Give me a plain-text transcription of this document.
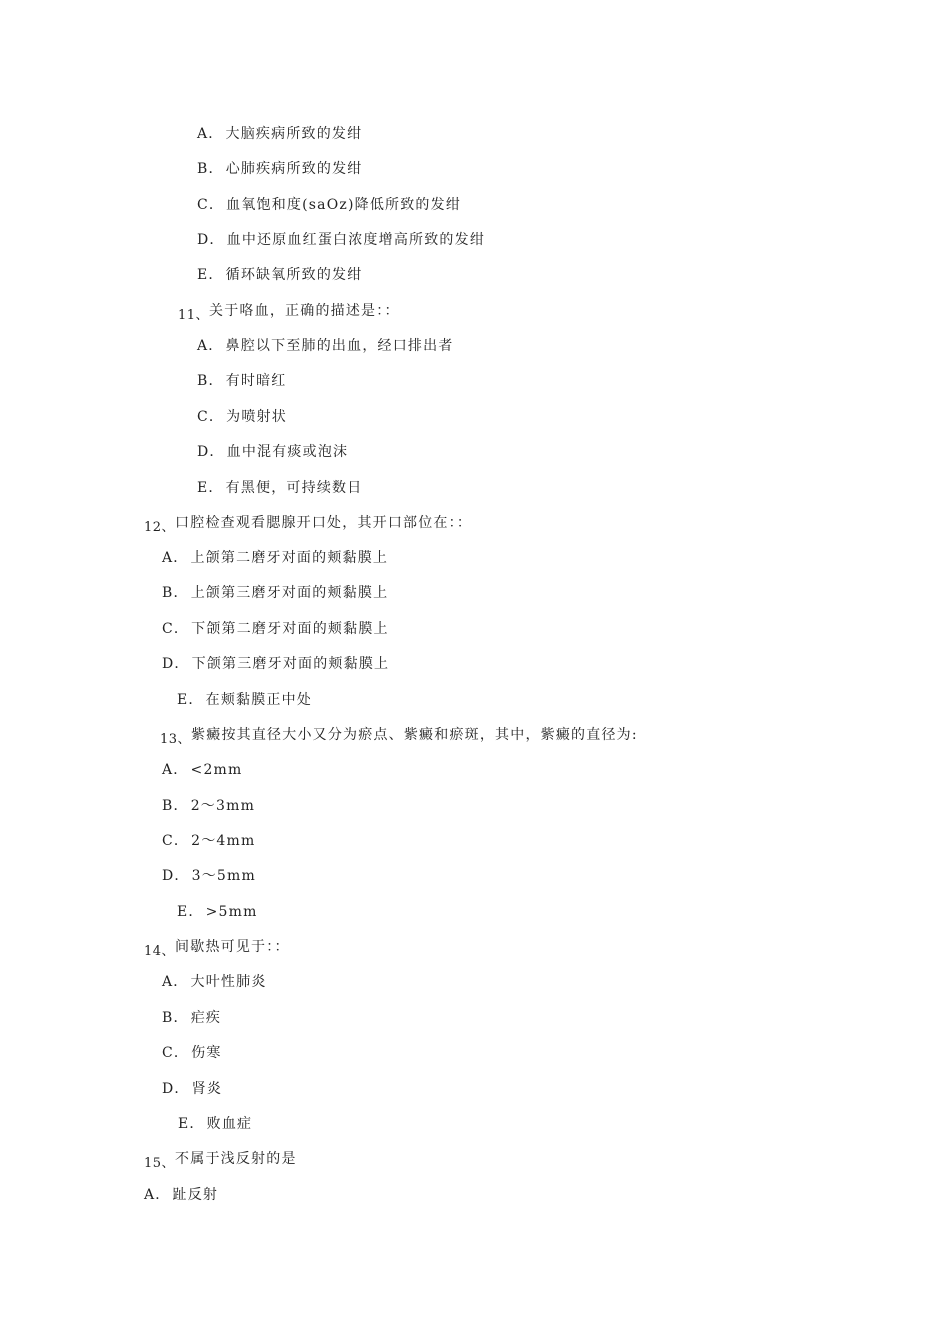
A． 大脑疾病所致的发绀
B． 心肺疾病所致的发绀
C． 血氧饱和度(saOz)降低所致的发绀
D． 血中还原血红蛋白浓度增高所致的发绀
E． 循环缺氧所致的发绀
11、关于咯血，正确的描述是：：
A． 鼻腔以下至肺的出血，经口排出者
B． 有时暗红
C． 为喷射状
D． 血中混有痰或泡沫
E． 有黑便，可持续数日
12、口腔检查观看腮腺开口处，其开口部位在：：
A． 上颌第二磨牙对面的颊黏膜上
B． 上颌第三磨牙对面的颊黏膜上
C． 下颌第二磨牙对面的颊黏膜上
D． 下颌第三磨牙对面的颊黏膜上
E． 在颊黏膜正中处
13、紫癜按其直径大小又分为瘀点、紫癜和瘀斑，其中，紫癜的直径为:
A． <2mm
B． 2～3mm
C． 2～4mm
D． 3～5mm
E． >5mm
14、间歇热可见于：：
A． 大叶性肺炎
B． 疟疾
C． 伤寒
D． 肾炎
E． 败血症
15、不属于浅反射的是
A． 趾反射
